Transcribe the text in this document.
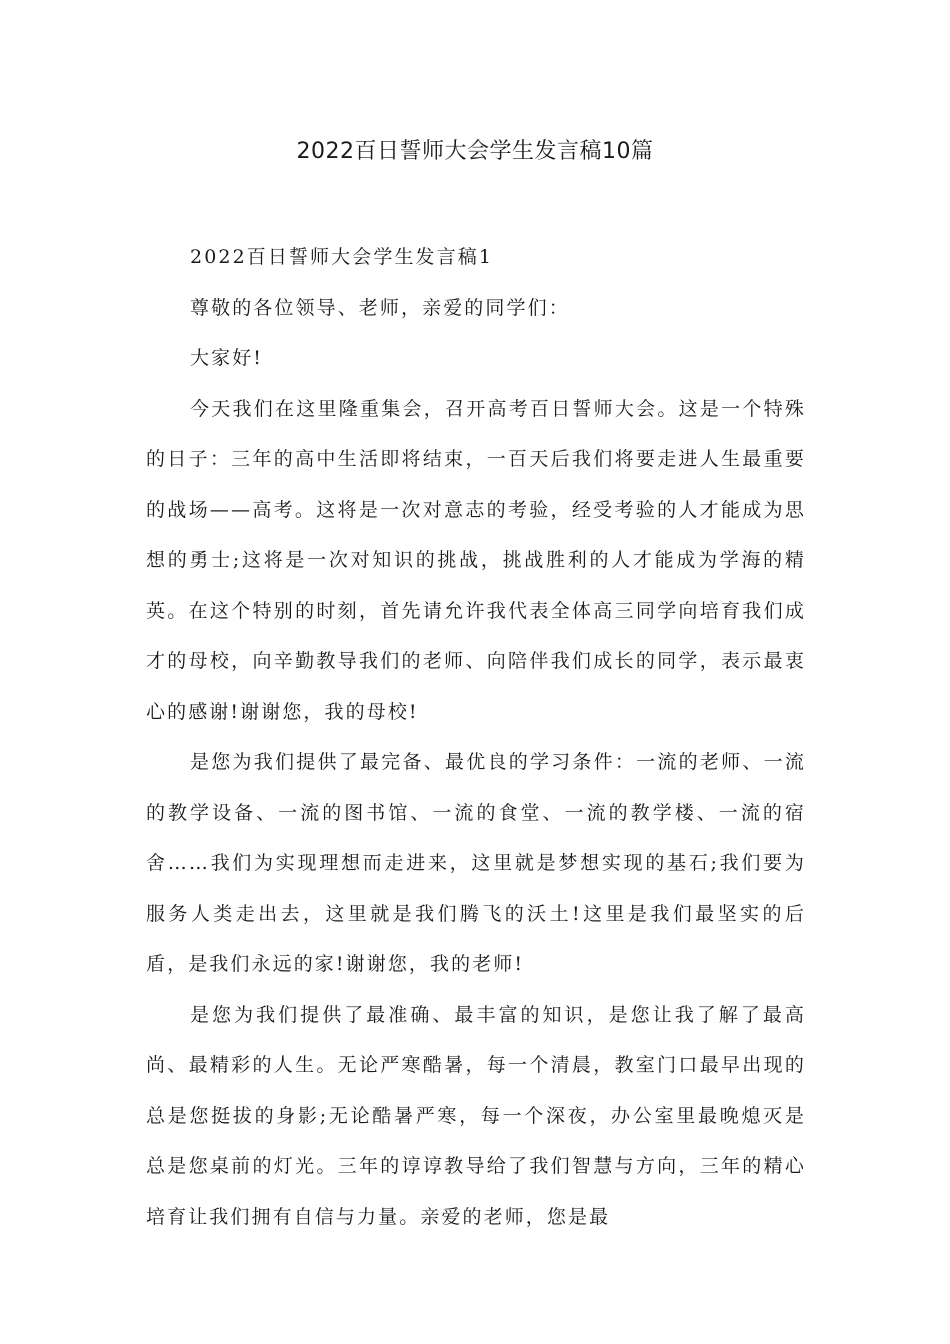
2022百日誓师大会学生发言稿10篇

2022百日誓师大会学生发言稿1

尊敬的各位领导、老师，亲爱的同学们：

大家好!

今天我们在这里隆重集会，召开高考百日誓师大会。这是一个特殊的日子：三年的高中生活即将结束，一百天后我们将要走进人生最重要的战场——高考。这将是一次对意志的考验，经受考验的人才能成为思想的勇士;这将是一次对知识的挑战，挑战胜利的人才能成为学海的精英。在这个特别的时刻，首先请允许我代表全体高三同学向培育我们成才的母校，向辛勤教导我们的老师、向陪伴我们成长的同学，表示最衷心的感谢!谢谢您，我的母校!

是您为我们提供了最完备、最优良的学习条件：一流的老师、一流的教学设备、一流的图书馆、一流的食堂、一流的教学楼、一流的宿舍……我们为实现理想而走进来，这里就是梦想实现的基石;我们要为服务人类走出去，这里就是我们腾飞的沃土!这里是我们最坚实的后盾，是我们永远的家!谢谢您，我的老师!

是您为我们提供了最准确、最丰富的知识，是您让我了解了最高尚、最精彩的人生。无论严寒酷暑，每一个清晨，教室门口最早出现的总是您挺拔的身影;无论酷暑严寒，每一个深夜，办公室里最晚熄灭是总是您桌前的灯光。三年的谆谆教导给了我们智慧与方向，三年的精心培育让我们拥有自信与力量。亲爱的老师，您是最
